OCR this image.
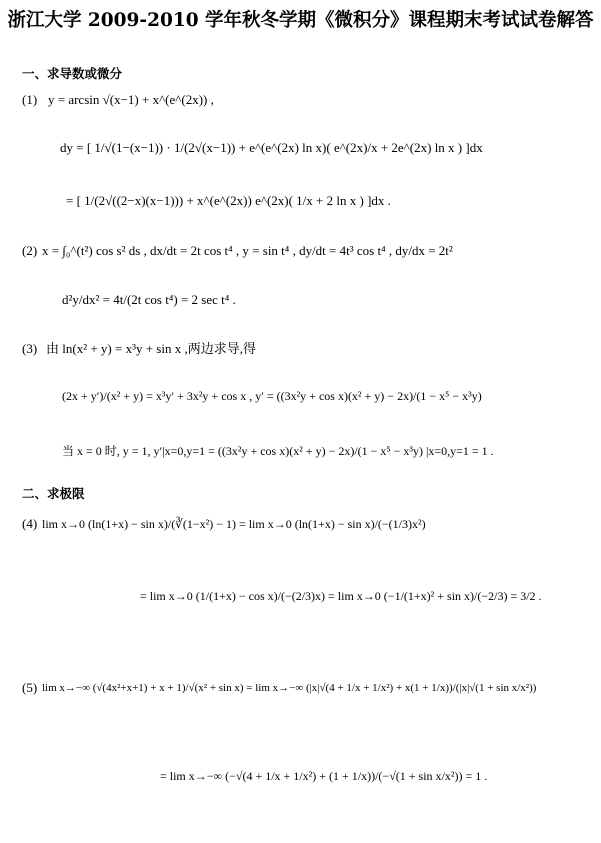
浙江大学 2009-2010 学年秋冬学期《微积分》课程期末考试试卷解答
一、求导数或微分
(1) y = arcsin √(x−1) + x^(e^(2x)) ,
dy = [ 1/√(1−(x−1)) · 1/(2√(x−1)) + e^(e^(2x) ln x)( e^(2x)/x + 2e^(2x) ln x ) ]dx
= [ 1/(2√((2−x)(x−1))) + x^(e^(2x)) e^(2x)( 1/x + 2 ln x ) ]dx .
(2) x = ∫₀^(t²) cos s² ds , dx/dt = 2t cos t⁴ , y = sin t⁴ , dy/dt = 4t³ cos t⁴ , dy/dx = 2t²
d²y/dx² = 4t/(2t cos t⁴) = 2 sec t⁴ .
(3) 由 ln(x² + y) = x³y + sin x ,两边求导,得
(2x + y′)/(x² + y) = x³y′ + 3x²y + cos x , y′ = ((3x²y + cos x)(x² + y) − 2x)/(1 − x⁵ − x³y)
当 x = 0 时, y = 1, y′|x=0,y=1 = ((3x²y + cos x)(x² + y) − 2x)/(1 − x⁵ − x³y) |x=0,y=1 = 1 .
二、求极限
(4) lim x→0 (ln(1+x) − sin x)/(∛(1−x²) − 1) = lim x→0 (ln(1+x) − sin x)/(−(1/3)x²)
= lim x→0 (1/(1+x) − cos x)/(−(2/3)x) = lim x→0 (−1/(1+x)² + sin x)/(−2/3) = 3/2 .
(5) lim x→−∞ (√(4x²+x+1) + x + 1)/√(x² + sin x) = lim x→−∞ (|x|√(4 + 1/x + 1/x²) + x(1 + 1/x))/(|x|√(1 + sin x/x²))
= lim x→−∞ (−√(4 + 1/x + 1/x²) + (1 + 1/x))/(−√(1 + sin x/x²)) = 1 .
